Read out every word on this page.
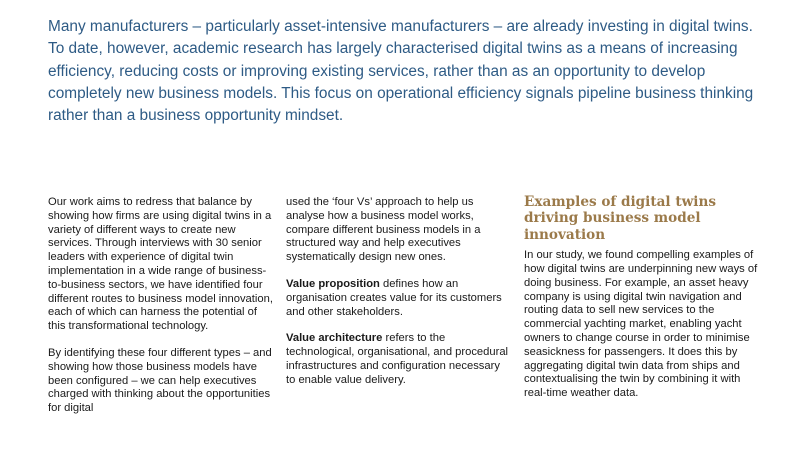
Many manufacturers – particularly asset-intensive manufacturers – are already investing in digital twins. To date, however, academic research has largely characterised digital twins as a means of increasing efficiency, reducing costs or improving existing services, rather than as an opportunity to develop completely new business models. This focus on operational efficiency signals pipeline business thinking rather than a business opportunity mindset.

Our work aims to redress that balance by showing how firms are using digital twins in a variety of different ways to create new services. Through interviews with 30 senior leaders with experience of digital twin implementation in a wide range of business-to-business sectors, we have identified four different routes to business model innovation, each of which can harness the potential of this transformational technology.

By identifying these four different types – and showing how those business models have been configured – we can help executives charged with thinking about the opportunities for digital

used the ‘four Vs’ approach to help us analyse how a business model works, compare different business models in a structured way and help executives systematically design new ones.

Value proposition defines how an organisation creates value for its customers and other stakeholders.

Value architecture refers to the technological, organisational, and procedural infrastructures and configuration necessary to enable value delivery.

Examples of digital twins driving business model innovation

In our study, we found compelling examples of how digital twins are underpinning new ways of doing business. For example, an asset heavy company is using digital twin navigation and routing data to sell new services to the commercial yachting market, enabling yacht owners to change course in order to minimise seasickness for passengers. It does this by aggregating digital twin data from ships and contextualising the twin by combining it with real-time weather data.
